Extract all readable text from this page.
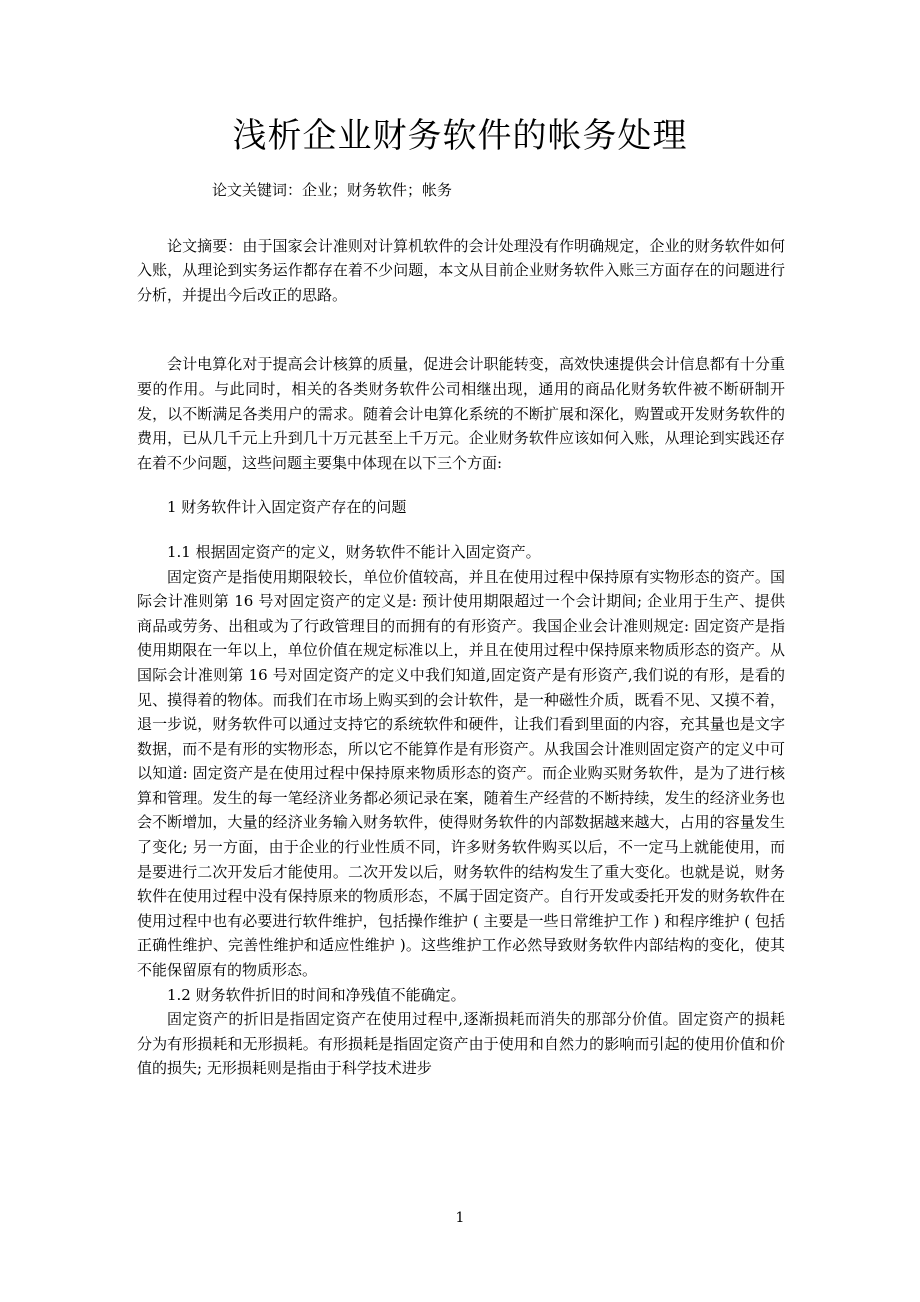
浅析企业财务软件的帐务处理

论文关键词：企业；财务软件；帐务

论文摘要：由于国家会计准则对计算机软件的会计处理没有作明确规定，企业的财务软件如何入账，从理论到实务运作都存在着不少问题，本文从目前企业财务软件入账三方面存在的问题进行分析，并提出今后改正的思路。

会计电算化对于提高会计核算的质量，促进会计职能转变，高效快速提供会计信息都有十分重要的作用。与此同时，相关的各类财务软件公司相继出现，通用的商品化财务软件被不断研制开发，以不断满足各类用户的需求。随着会计电算化系统的不断扩展和深化，购置或开发财务软件的费用，已从几千元上升到几十万元甚至上千万元。企业财务软件应该如何入账，从理论到实践还存在着不少问题，这些问题主要集中体现在以下三个方面:

1 财务软件计入固定资产存在的问题

1.1 根据固定资产的定义，财务软件不能计入固定资产。

固定资产是指使用期限较长，单位价值较高，并且在使用过程中保持原有实物形态的资产。国际会计准则第 16 号对固定资产的定义是: 预计使用期限超过一个会计期间; 企业用于生产、提供商品或劳务、出租或为了行政管理目的而拥有的有形资产。我国企业会计准则规定: 固定资产是指使用期限在一年以上，单位价值在规定标准以上，并且在使用过程中保持原来物质形态的资产。从国际会计准则第 16 号对固定资产的定义中我们知道,固定资产是有形资产,我们说的有形，是看的见、摸得着的物体。而我们在市场上购买到的会计软件，是一种磁性介质，既看不见、又摸不着，退一步说，财务软件可以通过支持它的系统软件和硬件，让我们看到里面的内容，充其量也是文字数据，而不是有形的实物形态，所以它不能算作是有形资产。从我国会计准则固定资产的定义中可以知道: 固定资产是在使用过程中保持原来物质形态的资产。而企业购买财务软件，是为了进行核算和管理。发生的每一笔经济业务都必须记录在案，随着生产经营的不断持续，发生的经济业务也会不断增加，大量的经济业务输入财务软件，使得财务软件的内部数据越来越大，占用的容量发生了变化; 另一方面，由于企业的行业性质不同，许多财务软件购买以后，不一定马上就能使用，而是要进行二次开发后才能使用。二次开发以后，财务软件的结构发生了重大变化。也就是说，财务软件在使用过程中没有保持原来的物质形态，不属于固定资产。自行开发或委托开发的财务软件在使用过程中也有必要进行软件维护，包括操作维护 ( 主要是一些日常维护工作 ) 和程序维护 ( 包括正确性维护、完善性维护和适应性维护 )。这些维护工作必然导致财务软件内部结构的变化，使其不能保留原有的物质形态。

1.2 财务软件折旧的时间和净残值不能确定。

固定资产的折旧是指固定资产在使用过程中,逐渐损耗而消失的那部分价值。固定资产的损耗分为有形损耗和无形损耗。有形损耗是指固定资产由于使用和自然力的影响而引起的使用价值和价值的损失; 无形损耗则是指由于科学技术进步

1
